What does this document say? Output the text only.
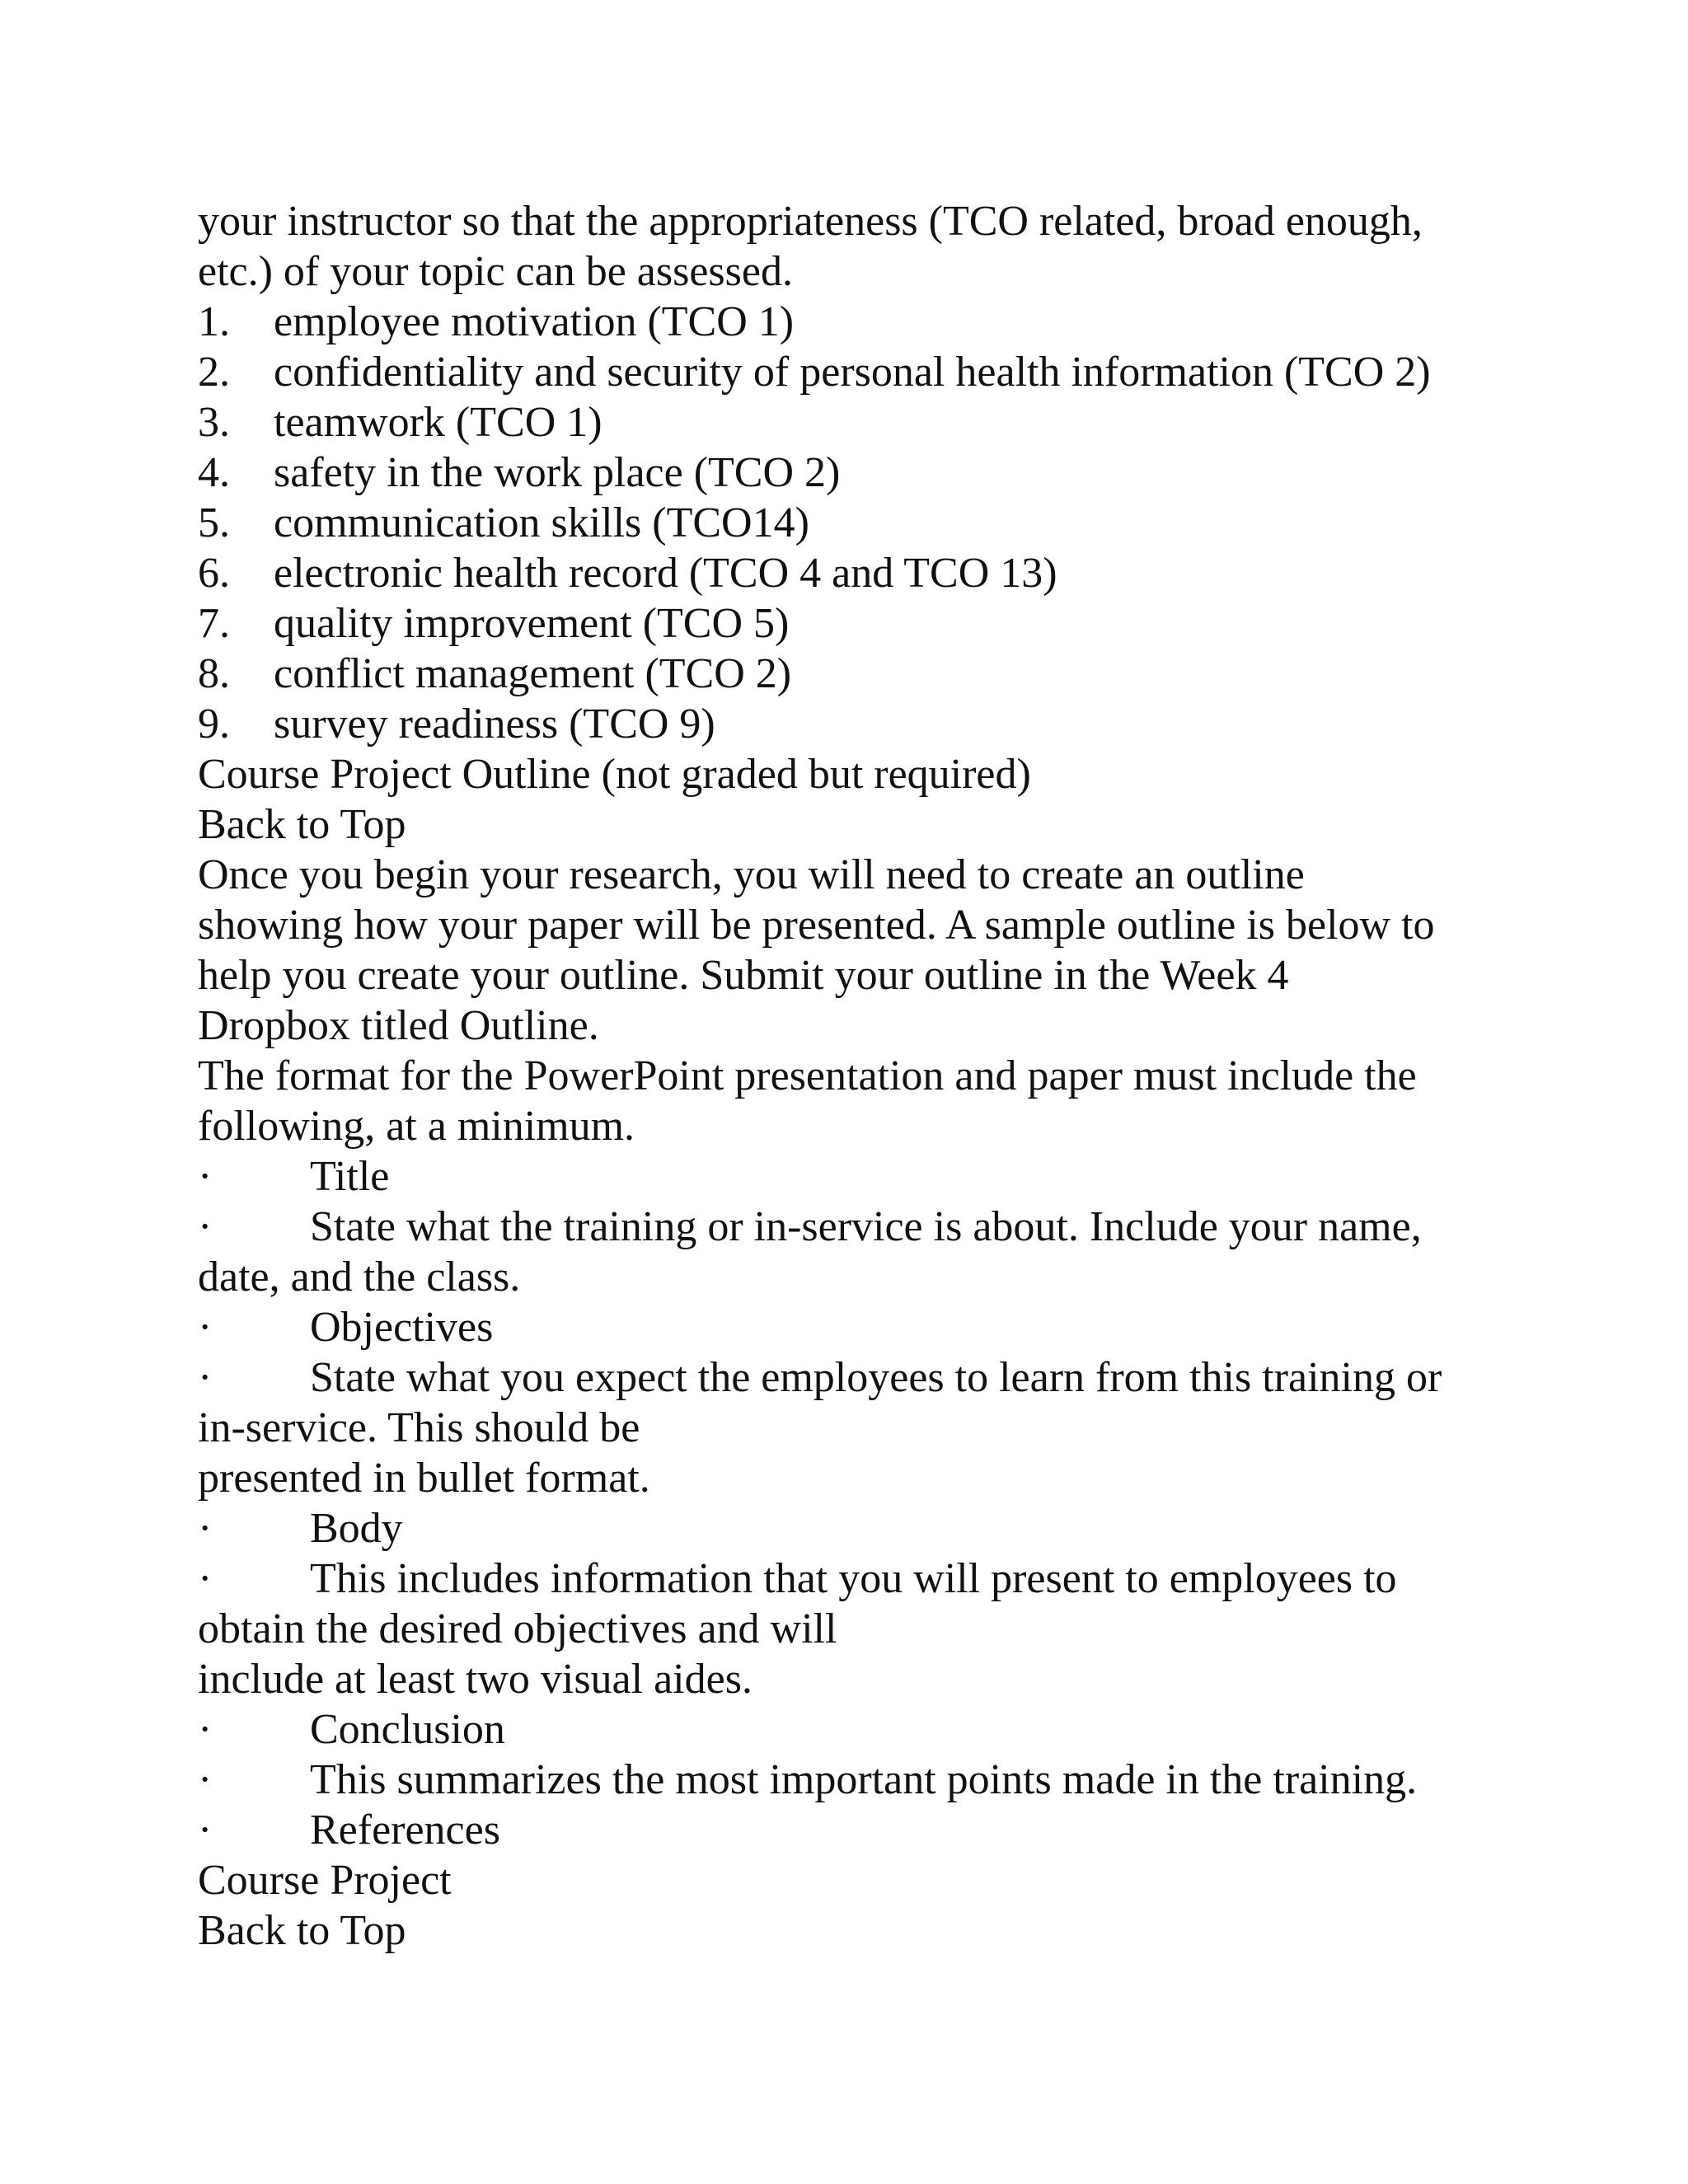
your instructor so that the appropriateness (TCO related, broad enough,
etc.) of your topic can be assessed.
1.	employee motivation (TCO 1)
2.	confidentiality and security of personal health information (TCO 2)
3.	teamwork (TCO 1)
4.	safety in the work place (TCO 2)
5.	communication skills (TCO14)
6.	electronic health record (TCO 4 and TCO 13)
7.	quality improvement (TCO 5)
8.	conflict management (TCO 2)
9.	survey readiness (TCO 9)
Course Project Outline (not graded but required)
Back to Top
Once you begin your research, you will need to create an outline
showing how your paper will be presented. A sample outline is below to
help you create your outline. Submit your outline in the Week 4
Dropbox titled Outline.
The format for the PowerPoint presentation and paper must include the
following, at a minimum.
·	Title
·	State what the training or in-service is about. Include your name,
date, and the class.
·	Objectives
·	State what you expect the employees to learn from this training or
in-service. This should be
presented in bullet format.
·	Body
·	This includes information that you will present to employees to
obtain the desired objectives and will
include at least two visual aides.
·	Conclusion
·	This summarizes the most important points made in the training.
·	References
Course Project
Back to Top
